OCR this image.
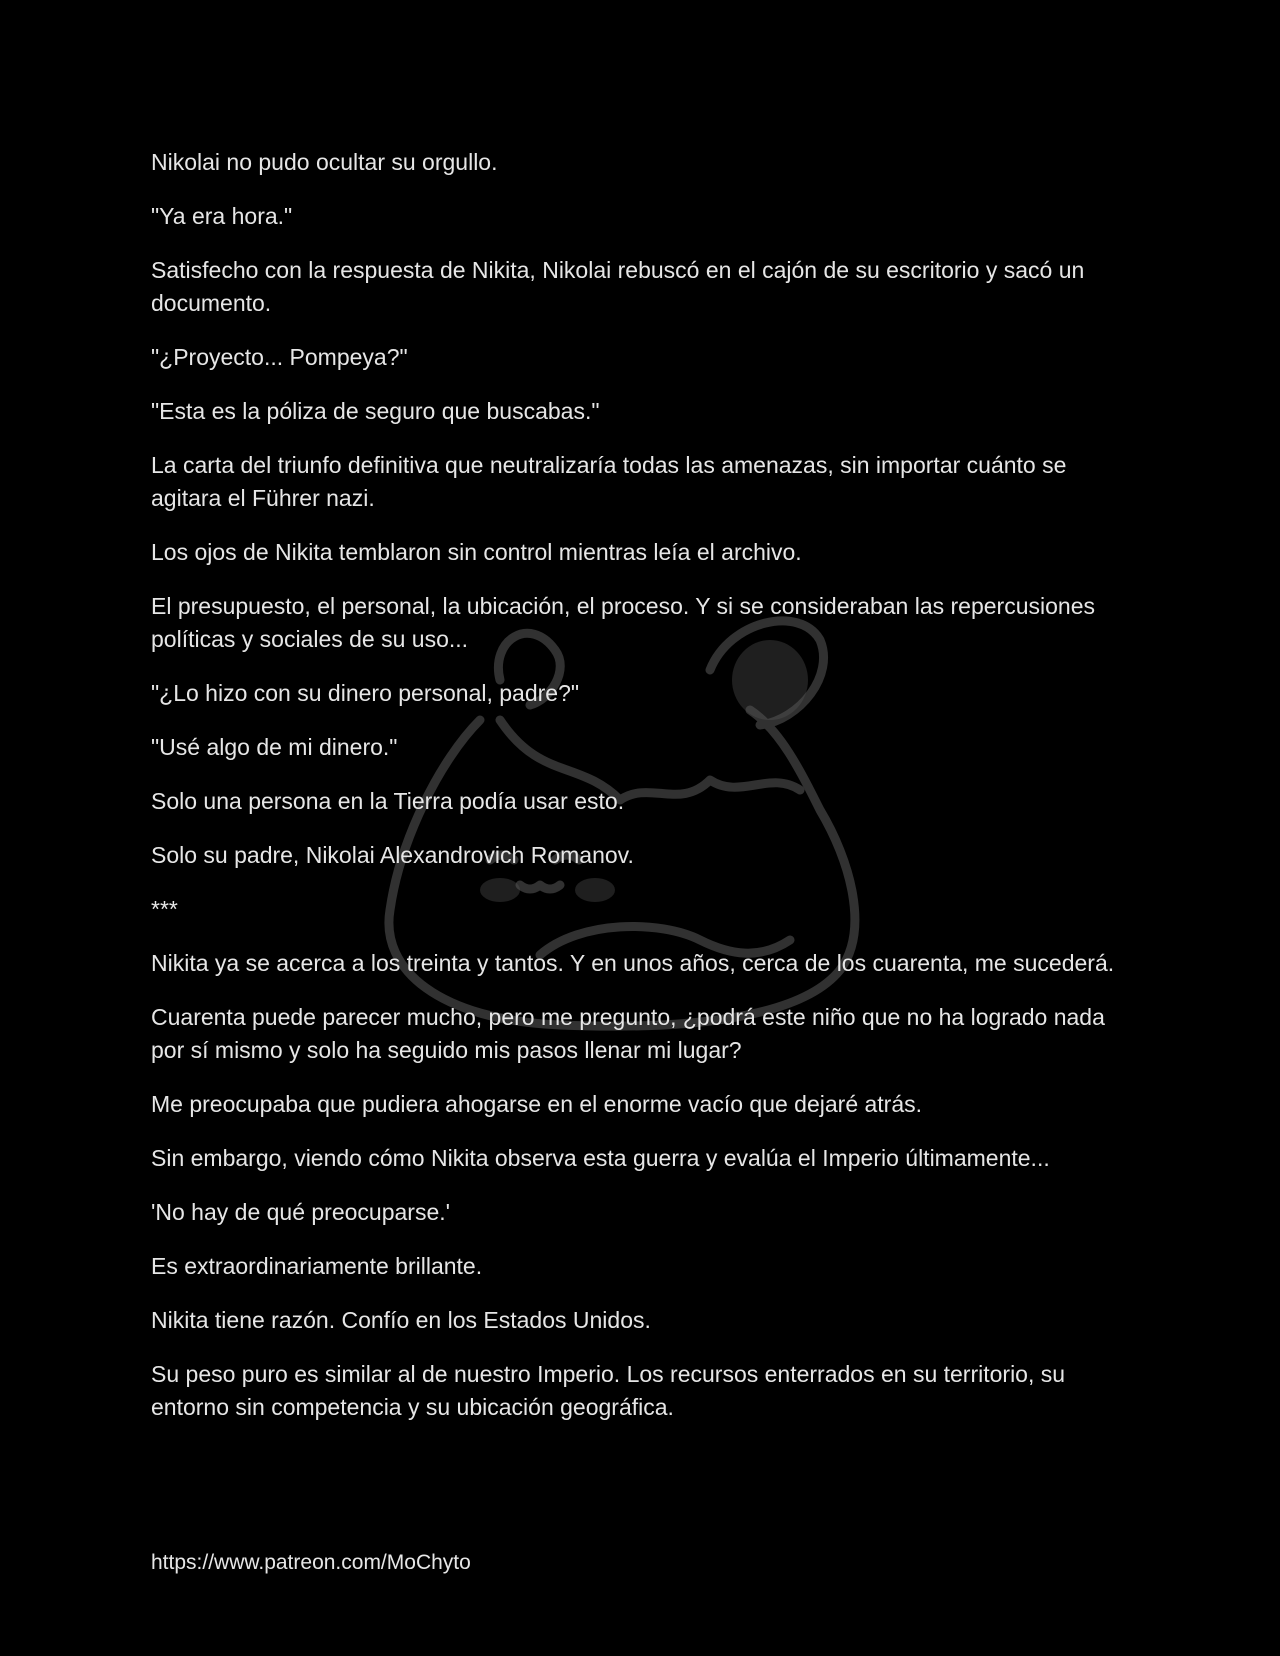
Nikolai no pudo ocultar su orgullo.

"Ya era hora."

Satisfecho con la respuesta de Nikita, Nikolai rebuscó en el cajón de su escritorio y sacó un documento.

"¿Proyecto... Pompeya?"

"Esta es la póliza de seguro que buscabas."

La carta del triunfo definitiva que neutralizaría todas las amenazas, sin importar cuánto se agitara el Führer nazi.

Los ojos de Nikita temblaron sin control mientras leía el archivo.

El presupuesto, el personal, la ubicación, el proceso. Y si se consideraban las repercusiones políticas y sociales de su uso...

"¿Lo hizo con su dinero personal, padre?"

"Usé algo de mi dinero."

Solo una persona en la Tierra podía usar esto.

Solo su padre, Nikolai Alexandrovich Romanov.

***

Nikita ya se acerca a los treinta y tantos. Y en unos años, cerca de los cuarenta, me sucederá.

Cuarenta puede parecer mucho, pero me pregunto, ¿podrá este niño que no ha logrado nada por sí mismo y solo ha seguido mis pasos llenar mi lugar?

Me preocupaba que pudiera ahogarse en el enorme vacío que dejaré atrás.

Sin embargo, viendo cómo Nikita observa esta guerra y evalúa el Imperio últimamente...

'No hay de qué preocuparse.'

Es extraordinariamente brillante.

Nikita tiene razón. Confío en los Estados Unidos.

Su peso puro es similar al de nuestro Imperio. Los recursos enterrados en su territorio, su entorno sin competencia y su ubicación geográfica.

https://www.patreon.com/MoChyto
